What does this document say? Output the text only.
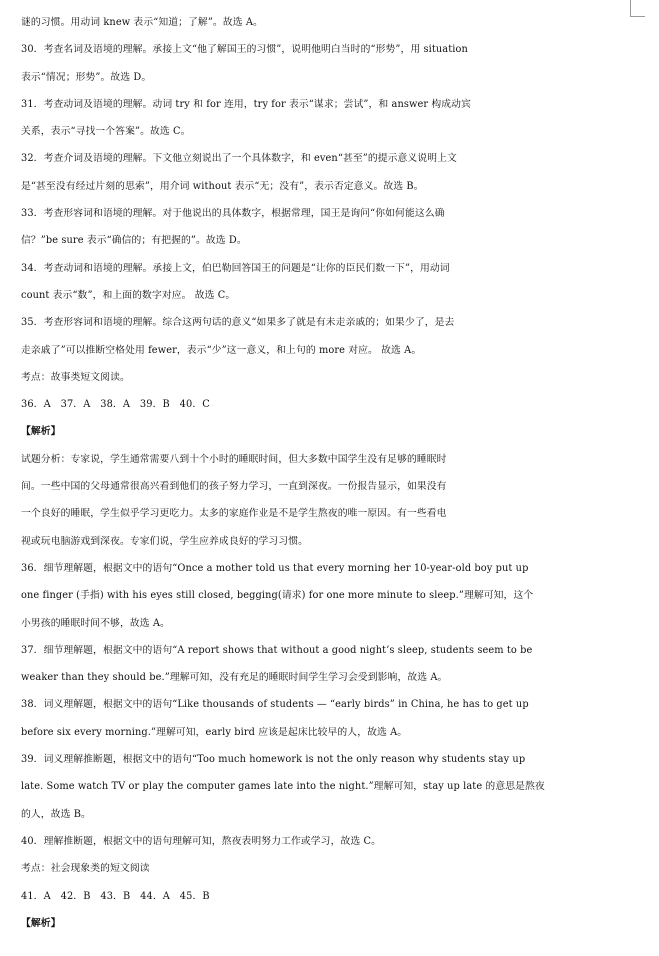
谜的习惯。用动词 knew 表示“知道；了解”。故选 A。
30．考查名词及语境的理解。承接上文“他了解国王的习惯”，说明他明白当时的“形势”，用 situation
表示“情况；形势”。故选 D。
31．考查动词及语境的理解。动词 try 和 for 连用，try for 表示“谋求；尝试”，和 answer 构成动宾
关系，表示“寻找一个答案”。故选 C。
32．考查介词及语境的理解。下文他立刻说出了一个具体数字，和 even“甚至”的提示意义说明上文
是“甚至没有经过片刻的思索”，用介词 without 表示“无；没有”，表示否定意义。故选 B。
33．考查形容词和语境的理解。对于他说出的具体数字，根据常理，国王是询问“你如何能这么确
信？”be sure 表示“确信的；有把握的”。故选 D。
34．考查动词和语境的理解。承接上文，伯巴勒回答国王的问题是“让你的臣民们数一下”，用动词
count 表示“数”，和上面的数字对应。 故选 C。
35．考查形容词和语境的理解。综合这两句话的意义“如果多了就是有未走亲戚的；如果少了，是去
走亲戚了”可以推断空格处用 fewer，表示“少”这一意义，和上句的 more 对应。 故选 A。
考点：故事类短文阅读。
36．A　37．A　38．A　39．B　40．C
【解析】
试题分析：专家说，学生通常需要八到十个小时的睡眠时间，但大多数中国学生没有足够的睡眠时
间。一些中国的父母通常很高兴看到他们的孩子努力学习，一直到深夜。一份报告显示，如果没有
一个良好的睡眠，学生似乎学习更吃力。太多的家庭作业是不是学生熬夜的唯一原因。有一些看电
视或玩电脑游戏到深夜。专家们说，学生应养成良好的学习习惯。
36．细节理解题，根据文中的语句“Once a mother told us that every morning her 10-year-old boy put up
one finger (手指) with his eyes still closed, begging(请求) for one more minute to sleep.”理解可知，这个
小男孩的睡眠时间不够，故选 A。
37．细节理解题，根据文中的语句“A report shows that without a good night’s sleep, students seem to be
weaker than they should be.”理解可知，没有充足的睡眠时间学生学习会受到影响，故选 A。
38．词义理解题，根据文中的语句“Like thousands of students — “early birds” in China, he has to get up
before six every morning.”理解可知，early bird 应该是起床比较早的人，故选 A。
39．词义理解推断题，根据文中的语句“Too much homework is not the only reason why students stay up
late. Some watch TV or play the computer games late into the night.”理解可知，stay up late 的意思是熬夜
的人，故选 B。
40．理解推断题，根据文中的语句理解可知，熬夜表明努力工作或学习，故选 C。
考点：社会现象类的短文阅读
41．A　42．B　43．B　44．A　45．B
【解析】
